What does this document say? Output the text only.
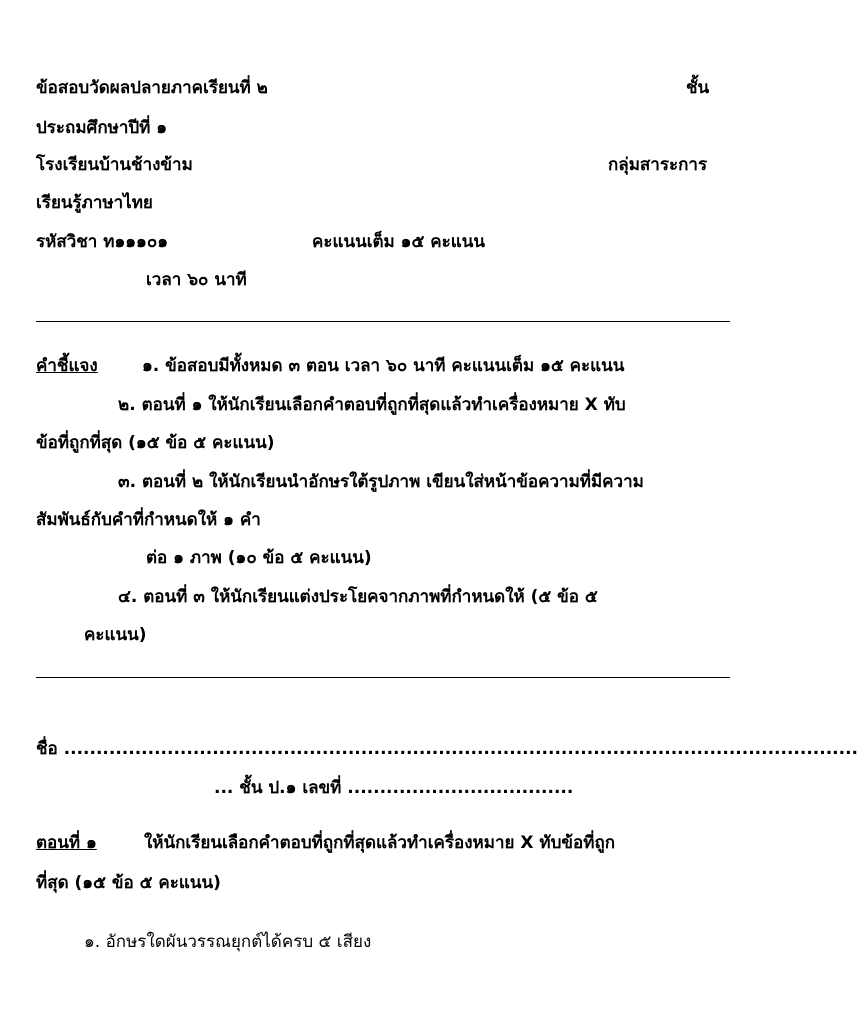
ข้อสอบวัดผลปลายภาคเรียนที่ ๒	ชั้น
ประถมศึกษาปีที่ ๑
โรงเรียนบ้านช้างข้าม	กลุ่มสาระการ
เรียนรู้ภาษาไทย
รหัสวิชา ท๑๑๑๐๑	คะแนนเต็ม ๑๕ คะแนน
เวลา ๖๐ นาที
คำชี้แจง	๑. ข้อสอบมีทั้งหมด ๓ ตอน เวลา ๖๐ นาที คะแนนเต็ม ๑๕ คะแนน
๒. ตอนที่ ๑ ให้นักเรียนเลือกคำตอบที่ถูกที่สุดแล้วทำเครื่องหมาย X ทับ
ข้อที่ถูกที่สุด (๑๕ ข้อ ๕ คะแนน)
๓. ตอนที่ ๒ ให้นักเรียนนำอักษรใต้รูปภาพ เขียนใส่หน้าข้อความที่มีความ
สัมพันธ์กับคำที่กำหนดให้ ๑ คำ
ต่อ ๑ ภาพ (๑๐ ข้อ ๕ คะแนน)
๔. ตอนที่ ๓ ให้นักเรียนแต่งประโยคจากภาพที่กำหนดให้ (๕ ข้อ ๕
คะแนน)
ชื่อ ...........................................................................................................................
... ชั้น ป.๑ เลขที่ ...................................
ตอนที่ ๑	ให้นักเรียนเลือกคำตอบที่ถูกที่สุดแล้วทำเครื่องหมาย X ทับข้อที่ถูก
ที่สุด (๑๕ ข้อ ๕ คะแนน)
๑. อักษรใดผันวรรณยุกต์ได้ครบ ๕ เสียง
